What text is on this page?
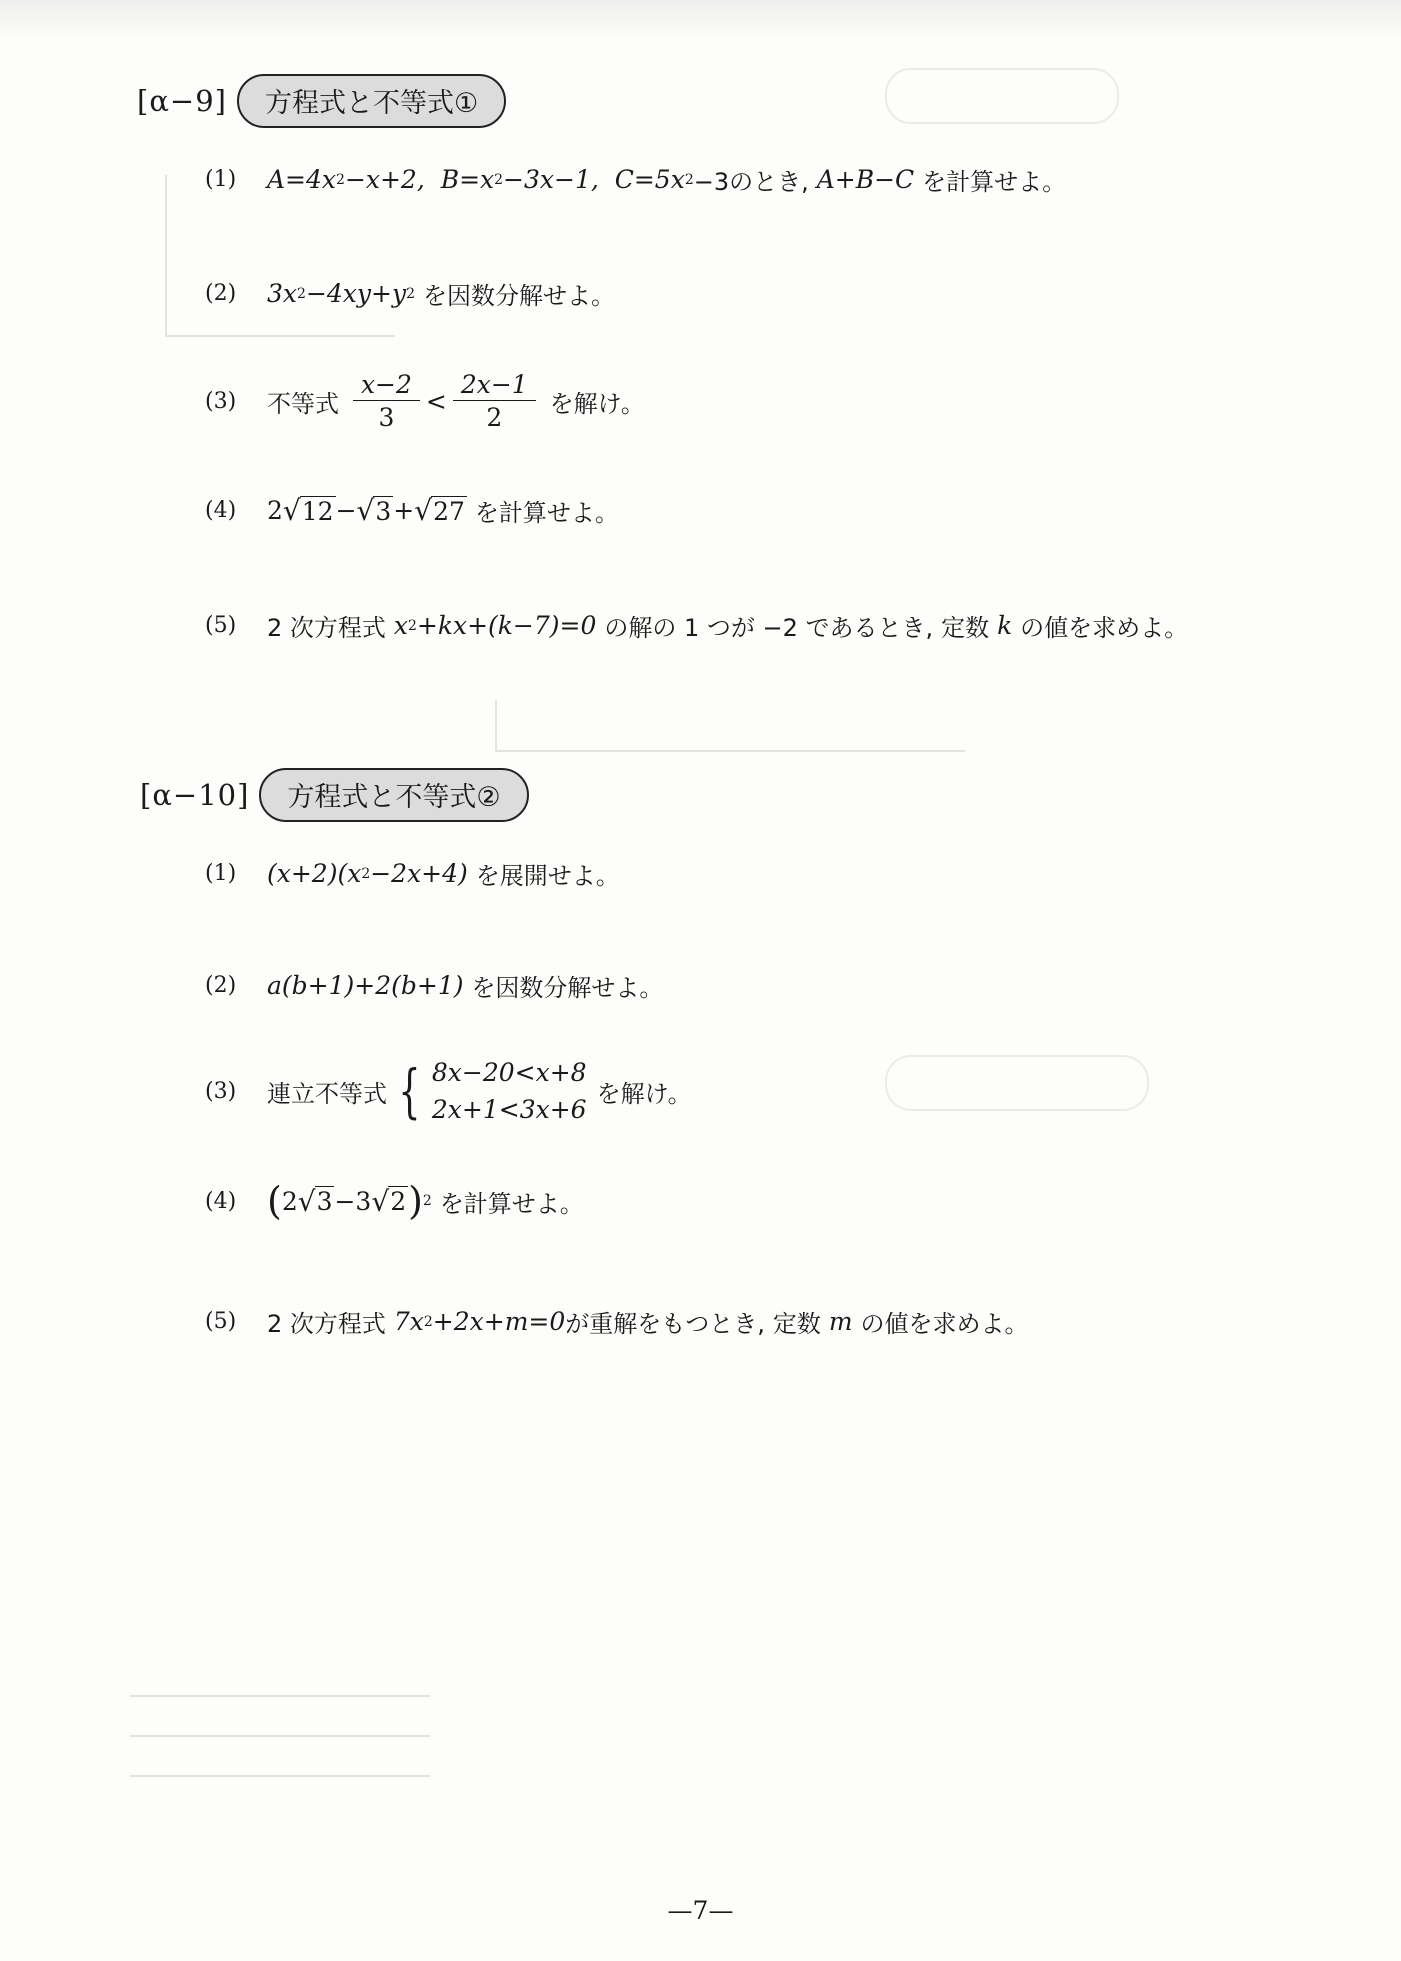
[α−9]	方程式と不等式①
(1)	A=4x 2 −x+2,
B=x 2 −3x−1,
C=5x 2 −3のとき,
A+B−C
を計算せよ。
(2)	3x 2 −4xy+y 2
を因数分解せよ。
(3)	不等式
$\frac{x-2}{3} < \frac{2x-1}{2}$
を解け。
(4)	2 √ 12 − √ 3 + √ 27
を計算せよ。
(5)	2 次方程式
x 2 +kx+(k−7)=0
の解の 1 つが −2 であるとき,
定数
k
の値を求めよ。
[α−10]	方程式と不等式②
(1)	(x+2)(x 2 −2x+4)
を展開せよ。
(2)	a(b+1)+2(b+1)
を因数分解せよ。
(3)	連立不等式 { 8x−20<x+8
2x+1<3x+6
を解け。
(4) ( 2 √ 3 −3 √ 2 ) 2
を計算せよ。
(5)	2 次方程式
7x 2 +2x+m=0 が重解をもつとき,
定数
m
の値を求めよ。
—7—
